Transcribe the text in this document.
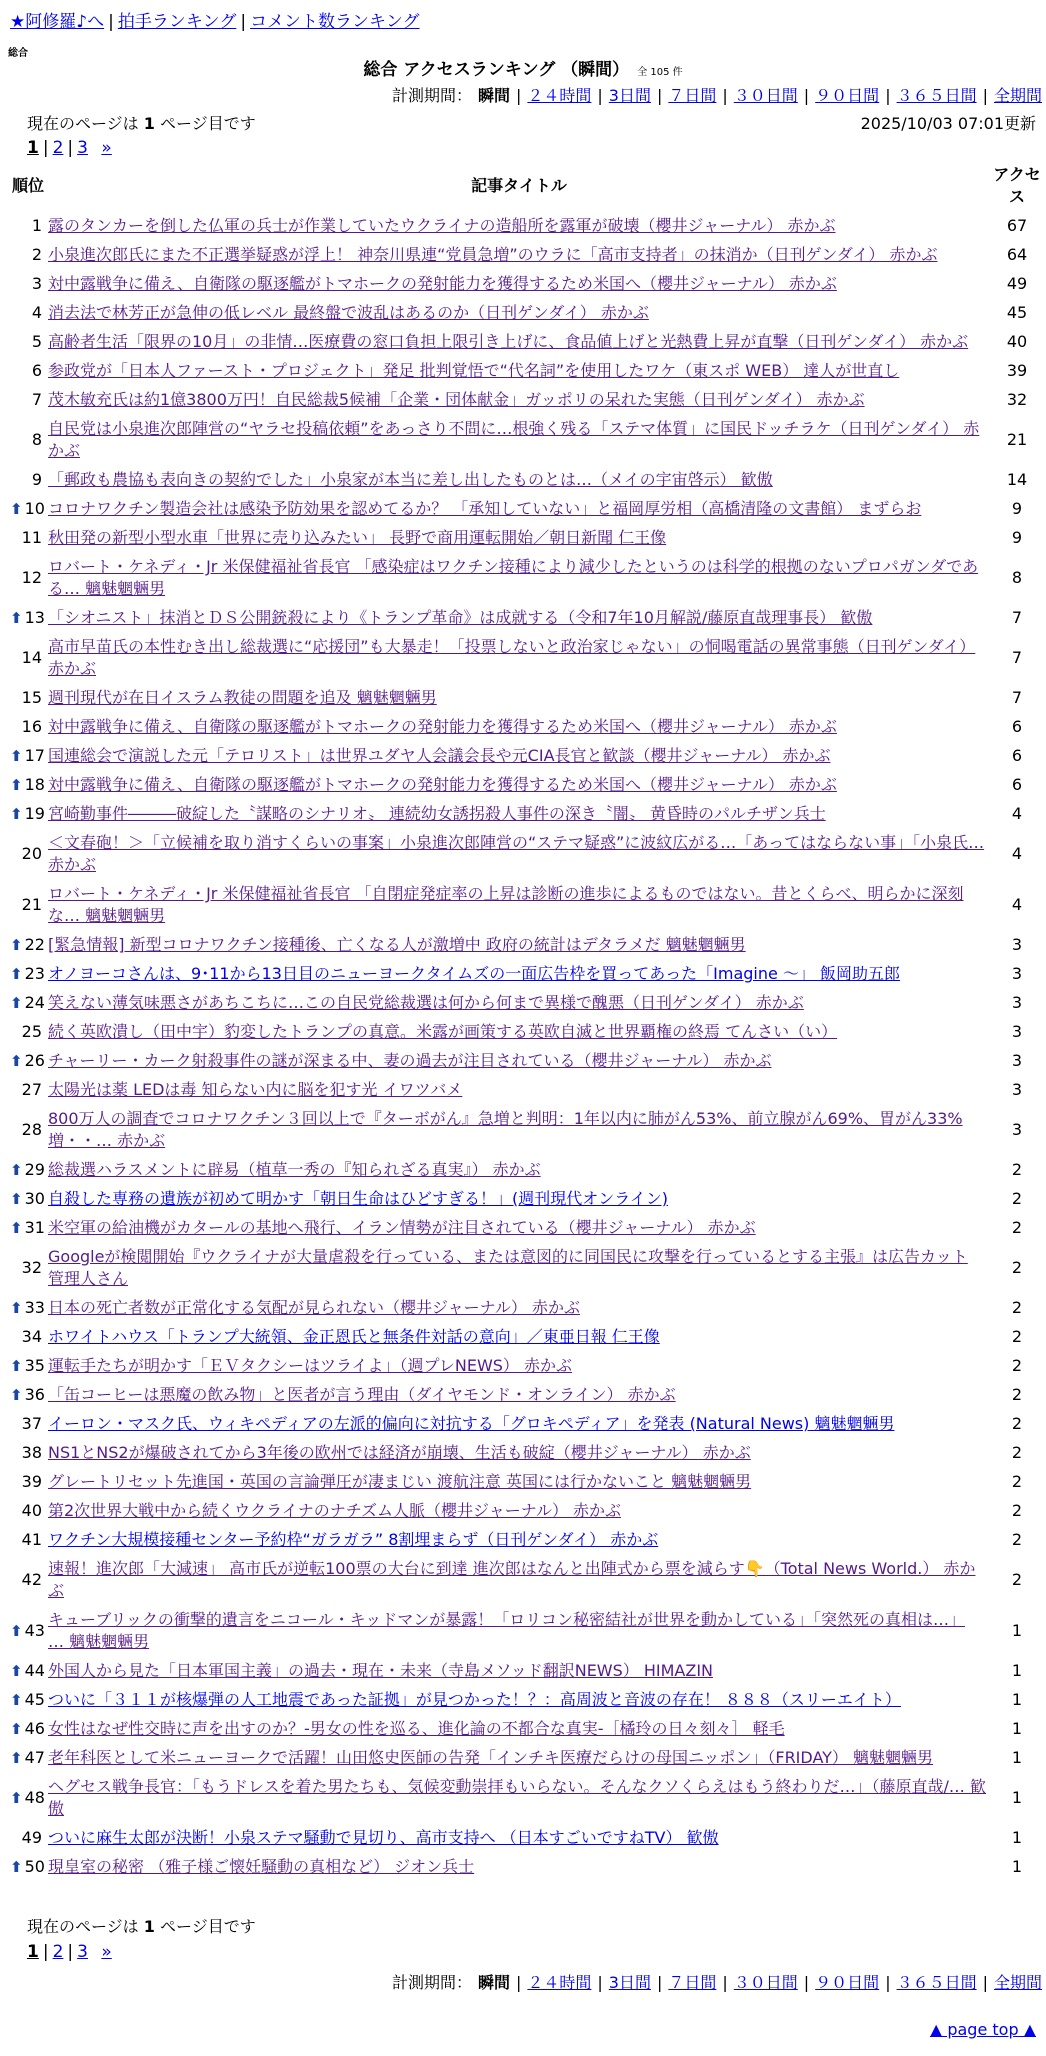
★阿修羅♪へ | 拍手ランキング | コメント数ランキング
総合
総合 アクセスランキング （瞬間） 全 105 件
計測期間： 瞬間 | ２４時間 | 3日間 | ７日間 | ３０日間 | ９０日間 | ３６５日間 | 全期間
現在のページは 1 ページ目です	2025/10/03 07:01更新
1 | 2 | 3 »
順位	記事タイトル	アクセス
1	露のタンカーを倒した仏軍の兵士が作業していたウクライナの造船所を露軍が破壊（櫻井ジャーナル） 赤かぶ	67
2	小泉進次郎氏にまた不正選挙疑惑が浮上！ 神奈川県連“党員急増”のウラに「高市支持者」の抹消か（日刊ゲンダイ） 赤かぶ	64
3	対中露戦争に備え、自衛隊の駆逐艦がトマホークの発射能力を獲得するため米国へ（櫻井ジャーナル） 赤かぶ	49
4	消去法で林芳正が急伸の低レベル 最終盤で波乱はあるのか（日刊ゲンダイ） 赤かぶ	45
5	高齢者生活「限界の10月」の非情…医療費の窓口負担上限引き上げに、食品値上げと光熱費上昇が直撃（日刊ゲンダイ） 赤かぶ	40
6	参政党が「日本人ファースト・プロジェクト」発足 批判覚悟で“代名詞”を使用したワケ（東スポ WEB） 達人が世直し	39
7	茂木敏充氏は約1億3800万円！自民総裁5候補「企業・団体献金」ガッポリの呆れた実態（日刊ゲンダイ） 赤かぶ	32
8	自民党は小泉進次郎陣営の“ヤラセ投稿依頼”をあっさり不問に…根強く残る「ステマ体質」に国民ドッチラケ（日刊ゲンダイ） 赤かぶ	21
9	「郵政も農協も表向きの契約でした」小泉家が本当に差し出したものとは…（メイの宇宙啓示） 歓傲	14
⬆ 10	コロナワクチン製造会社は感染予防効果を認めてるか？ 「承知していない」と福岡厚労相（高橋清隆の文書館） まずらお	9
11	秋田発の新型小型水車「世界に売り込みたい」 長野で商用運転開始／朝日新聞 仁王像	9
12	ロバート・ケネディ・Jr 米保健福祉省長官 「感染症はワクチン接種により減少したというのは科学的根拠のないプロパガンダである… 魑魅魍魎男	8
⬆ 13	「シオニスト」抹消とＤＳ公開銃殺により《トランプ革命》は成就する（令和7年10月解説/藤原直哉理事長） 歓傲	7
14	高市早苗氏の本性むき出し総裁選に“応援団”も大暴走！「投票しないと政治家じゃない」の恫喝電話の異常事態（日刊ゲンダイ） 赤かぶ	7
15	週刊現代が在日イスラム教徒の問題を追及 魑魅魍魎男	7
16	対中露戦争に備え、自衛隊の駆逐艦がトマホークの発射能力を獲得するため米国へ（櫻井ジャーナル） 赤かぶ	6
⬆ 17	国連総会で演説した元「テロリスト」は世界ユダヤ人会議会長や元CIA長官と歓談（櫻井ジャーナル） 赤かぶ	6
⬆ 18	対中露戦争に備え、自衛隊の駆逐艦がトマホークの発射能力を獲得するため米国へ（櫻井ジャーナル） 赤かぶ	6
⬆ 19	宮崎勤事件―――破綻した〝謀略のシナリオ〟 連続幼女誘拐殺人事件の深き〝闇〟 黄昏時のパルチザン兵士	4
20	＜文春砲！＞「立候補を取り消すくらいの事案」小泉進次郎陣営の“ステマ疑惑”に波紋広がる…「あってはならない事」「小泉氏… 赤かぶ	4
21	ロバート・ケネディ・Jr 米保健福祉省長官 「自閉症発症率の上昇は診断の進歩によるものではない。昔とくらべ、明らかに深刻な… 魑魅魍魎男	4
⬆ 22	[緊急情報] 新型コロナワクチン接種後、亡くなる人が激増中 政府の統計はデタラメだ 魑魅魍魎男	3
⬆ 23	オノヨーコさんは、9･11から13日目のニューヨークタイムズの一面広告枠を買ってあった「Imagine ～」 飯岡助五郎	3
⬆ 24	笑えない薄気味悪さがあちこちに…この自民党総裁選は何から何まで異様で醜悪（日刊ゲンダイ） 赤かぶ	3
25	続く英欧潰し（田中宇）豹変したトランプの真意。米露が画策する英欧自滅と世界覇権の終焉 てんさい（い）	3
⬆ 26	チャーリー・カーク射殺事件の謎が深まる中、妻の過去が注目されている（櫻井ジャーナル） 赤かぶ	3
27	太陽光は薬 LEDは毒 知らない内に脳を犯す光 イワツバメ	3
28	800万人の調査でコロナワクチン３回以上で『ターボがん』急増と判明：1年以内に肺がん53%、前立腺がん69%、胃がん33%増・・… 赤かぶ	3
⬆ 29	総裁選ハラスメントに辟易（植草一秀の『知られざる真実』） 赤かぶ	2
⬆ 30	自殺した専務の遺族が初めて明かす「朝日生命はひどすぎる！」(週刊現代オンライン)	2
⬆ 31	米空軍の給油機がカタールの基地へ飛行、イラン情勢が注目されている（櫻井ジャーナル） 赤かぶ	2
32	Googleが検閲開始『ウクライナが大量虐殺を行っている、または意図的に同国民に攻撃を行っているとする主張』は広告カット 管理人さん	2
⬆ 33	日本の死亡者数が正常化する気配が見られない（櫻井ジャーナル） 赤かぶ	2
34	ホワイトハウス「トランプ大統領、金正恩氏と無条件対話の意向」／東亜日報 仁王像	2
⬆ 35	運転手たちが明かす「ＥＶタクシーはツライよ」（週プレNEWS） 赤かぶ	2
⬆ 36	「缶コーヒーは悪魔の飲み物」と医者が言う理由（ダイヤモンド・オンライン） 赤かぶ	2
37	イーロン・マスク氏、ウィキペディアの左派的偏向に対抗する「グロキペディア」を発表 (Natural News) 魑魅魍魎男	2
38	NS1とNS2が爆破されてから3年後の欧州では経済が崩壊、生活も破綻（櫻井ジャーナル） 赤かぶ	2
39	グレートリセット先進国・英国の言論弾圧が凄まじい 渡航注意 英国には行かないこと 魑魅魍魎男	2
40	第2次世界大戦中から続くウクライナのナチズム人脈（櫻井ジャーナル） 赤かぶ	2
41	ワクチン大規模接種センター予約枠“ガラガラ” 8割埋まらず（日刊ゲンダイ） 赤かぶ	2
42	速報！進次郎「大減速」 高市氏が逆転100票の大台に到達 進次郎はなんと出陣式から票を減らす👇（Total News World.） 赤かぶ	2
⬆ 43	キューブリックの衝撃的遺言をニコール・キッドマンが暴露！「ロリコン秘密結社が世界を動かしている」「突然死の真相は…」 … 魑魅魍魎男	1
⬆ 44	外国人から見た「日本軍国主義」の過去・現在・未来（寺島メソッド翻訳NEWS） HIMAZIN	1
⬆ 45	ついに「３１１が核爆弾の人工地震であった証拠」が見つかった！？：高周波と音波の存在！ ８８８（スリーエイト）	1
⬆ 46	女性はなぜ性交時に声を出すのか？-男女の性を巡る、進化論の不都合な真実-［橘玲の日々刻々］ 軽毛	1
⬆ 47	老年科医として米ニューヨークで活躍！山田悠史医師の告発「インチキ医療だらけの母国ニッポン」（FRIDAY） 魑魅魍魎男	1
⬆ 48	ヘグセス戦争長官：「もうドレスを着た男たちも、気候変動崇拝もいらない。そんなクソくらえはもう終わりだ…」（藤原直哉/… 歓傲	1
49	ついに麻生太郎が決断！小泉ステマ騒動で見切り、高市支持へ （日本すごいですねTV） 歓傲	1
⬆ 50	現皇室の秘密 （雅子様ご懐妊騒動の真相など） ジオン兵士	1
現在のページは 1 ページ目です
1 | 2 | 3 »
計測期間： 瞬間 | ２４時間 | 3日間 | ７日間 | ３０日間 | ９０日間 | ３６５日間 | 全期間
▲ page top ▲
